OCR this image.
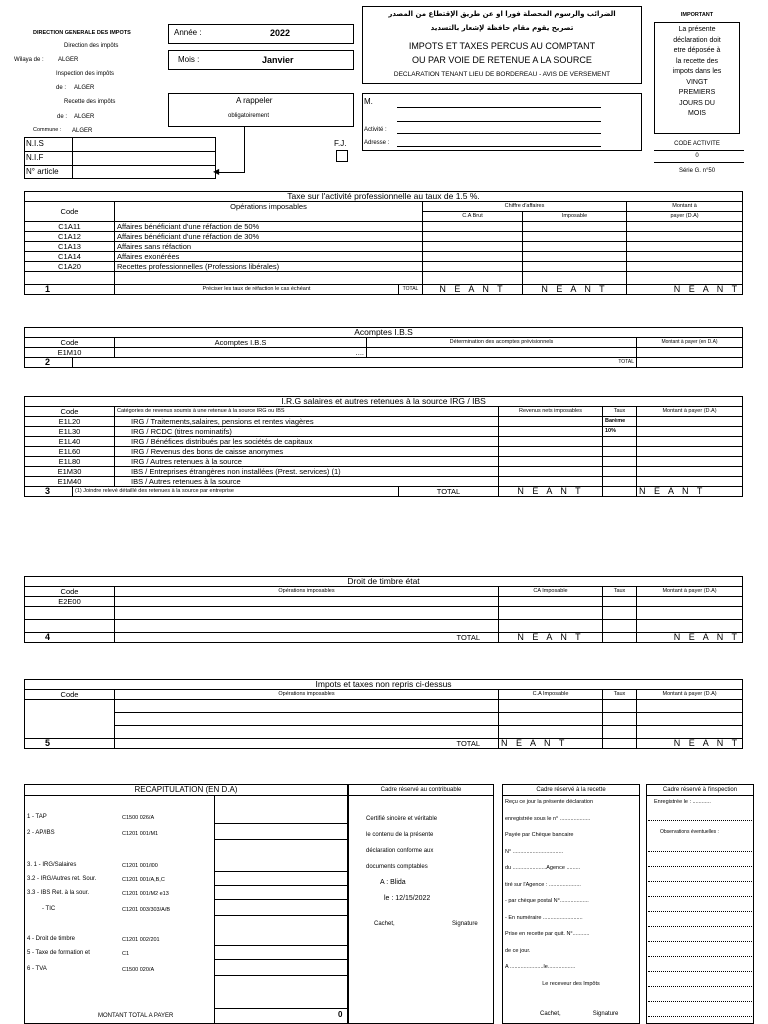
DIRECTION GENERALE DES IMPOTS
Direction des impôts
Wilaya de : ALGER
Inspection des impôts
de : ALGER
Recette des impôts
de : ALGER
Commune : ALGER
Année :	2022
Mois :	Janvier
A rappeler
obligatoirement
N.I.S
N.I.F
N° article	◀
F.J.
الضرائب والرسوم المحصلة فورا او عن طريق الإقتطاع من المصدر
تصريح يقوم مقام حافظة لإشعار بالتسديد
IMPOTS ET TAXES PERCUS AU COMPTANT
OU PAR VOIE DE RETENUE A LA SOURCE
DECLARATION TENANT LIEU DE BORDEREAU - AVIS DE VERSEMENT
M.
Activité :
Adresse :
IMPORTANT
La présente
déclaration doit
etre déposée à
la recette des
impots dans les
VINGT
PREMIERS
JOURS DU
MOIS
CODE ACTIVITE
0
Série G. n°50
Taxe sur l'activité professionnelle au taux de 1.5 %.					
Code	Opérations imposables		Chiffre d'affaires		Montant à
			C.A Brut	Imposable	payer (D.A)
C1A11	Affaires bénéficiant d'une réfaction de 50%				
C1A12	Affaires bénéficiant d'une réfaction de 30%				
C1A13	Affaires sans réfaction				
C1A14	Affaires exonérées				
C1A20	Recettes professionnelles (Professions libérales)				

1	Préciser les taux de réfaction le cas échéant	TOTAL	N E A N T	N E A N T	N E A N T
Acomptes I.B.S				
Code		Acomptes I.B.S	Détermination des acomptes prévisionnels	Montant à payer (en D.A)
E1M10		....		
2	TOTAL			
I.R.G salaires et autres retenues à la source IRG / IBS						
Code		Catégories de revenus soumis à une retenue à la source IRG ou IBS		Revenus nets imposables	Taux	Montant à payer (D.A)
E1L20		IRG / Traitements,salaires, pensions et rentes viagères			Barème	
E1L30		IRG / RCDC (titres nominatifs)			10%	
E1L40		IRG / Bénéfices distribués par les sociétés de capitaux				
E1L60		IRG / Revenus des bons de caisse anonymes				
E1L80		IRG / Autres retenues à la source				
E1M30		IBS / Entreprises étrangères non installées (Prest. services) (1)				
E1M40		IBS / Autres retenues à la source				
3	(1) Joindre relevé détaillé des retenues à la source par entreprise		TOTAL	N E A N T		N E A N T
Droit de timbre état				
Code	Opérations imposables	CA Imposable	Taux	Montant à payer (D.A)
E2E00				

4	TOTAL	N E A N T		N E A N T
Impots et taxes non repris ci-dessus				
Code	Opérations imposables	C.A Imposable	Taux	Montant à payer (D.A)

5	TOTAL	N E A N T		N E A N T
RECAPITULATION (EN D.A)
1 - TAP	C1500 026/A
2 - AP/IBS	C1201 001/M1
3. 1 - IRG/Salaires	C1201 001/l00
3.2 - IRG/Autres ret. Sour.	C1201 001/A,B,C
3.3 - IBS Ret. à la sour.	C1201 001/M2 e13
- TIC	C1201 003/303/A/B
4 - Droit de timbre	C1201 002/201
5 - Taxe de formation et	C1
6 - TVA	C1500 020/A
MONTANT TOTAL A PAYER	0
Cadre réservé au contribuable
Certifié sincère et véritable
le contenu de la présente
déclaration conforme aux
documents comptables
A : Blida
le : 12/15/2022
Cachet,	Signature
Cadre réservé à la recette
Reçu ce jour la présente déclaration
enregistrée sous le n° ....................
Payée par Chèque bancaire
N° .................................
du ......................Agence .........
tiré sur l'Agence : .....................
- par chèque postal N°...................
- En numéraire ..........................
Prise en recette par quit. N°...........
de ce jour.
A ......................le..................
Le receveur des Impôts
Cachet,	Signature
Cadre réservé à l'inspection
Enregistrée le : ............
Observations éventuelles :
